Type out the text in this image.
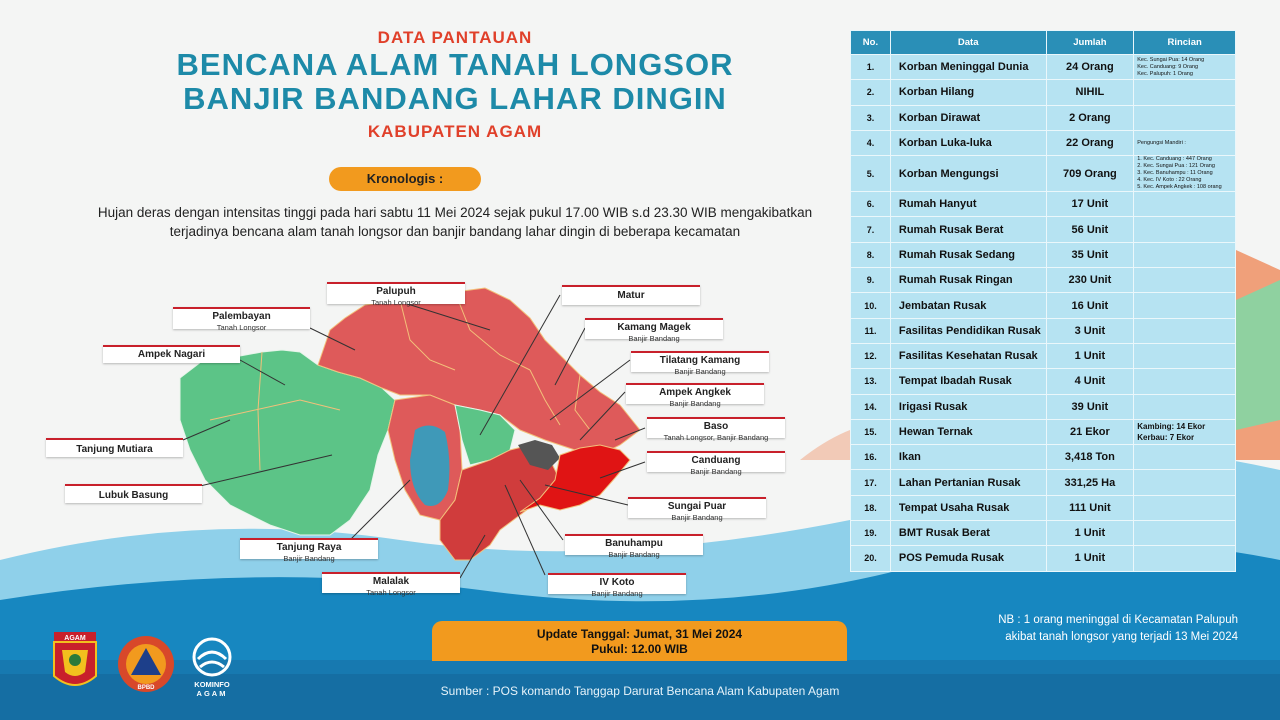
DATA PANTAUAN
BENCANA ALAM TANAH LONGSOR
BANJIR BANDANG LAHAR DINGIN
KABUPATEN AGAM
Kronologis :
Hujan deras dengan intensitas tinggi pada hari sabtu 11 Mei 2024 sejak pukul 17.00 WIB s.d 23.30 WIB mengakibatkan terjadinya bencana alam tanah longsor dan banjir bandang lahar dingin di beberapa kecamatan
Palupuh
Tanah Longsor
Palembayan
Tanah Longsor
Ampek Nagari
Tanjung Mutiara
Lubuk Basung
Tanjung Raya
Banjir Bandang
Malalak
Tanah Longsor
IV Koto
Banjir Bandang
Banuhampu
Banjir Bandang
Sungai Puar
Banjir Bandang
Canduang
Banjir Bandang
Baso
Tanah Longsor, Banjir Bandang
Ampek Angkek
Banjir Bandang
Tilatang Kamang
Banjir Bandang
Kamang Magek
Banjir Bandang
Matur
No.	Data	Jumlah	Rincian
1.	Korban Meninggal Dunia	24 Orang	Kec. Sungai Pua: 14 Orang
Kec. Canduang: 9 Orang
Kec. Palupuh: 1 Orang

2.	Korban Hilang	NIHIL	
3.	Korban Dirawat	2 Orang	
4.	Korban Luka-luka	22 Orang	Pengungsi Mandiri :

5.	Korban Mengungsi	709 Orang	1. Kec. Canduang : 447 Orang
2. Kec. Sungai Pua : 121 Orang
3. Kec. Banuhampu : 11 Orang
4. Kec. IV Koto : 22 Orang
5. Kec. Ampek Angkek : 108 orang

6.	Rumah Hanyut	17 Unit	
7.	Rumah Rusak Berat	56 Unit	
8.	Rumah Rusak Sedang	35 Unit	
9.	Rumah Rusak Ringan	230 Unit	
10.	Jembatan Rusak	16 Unit	
11.	Fasilitas Pendidikan Rusak	3 Unit	
12.	Fasilitas Kesehatan Rusak	1 Unit	
13.	Tempat Ibadah Rusak	4 Unit	
14.	Irigasi Rusak	39 Unit	
15.	Hewan Ternak	21 Ekor	Kambing: 14 Ekor
Kerbau: 7 Ekor

16.	Ikan	3,418 Ton	
17.	Lahan Pertanian Rusak	331,25 Ha	
18.	Tempat Usaha Rusak	111 Unit	
19.	BMT Rusak Berat	1 Unit	
20.	POS Pemuda Rusak	1 Unit	
NB : 1 orang meninggal di Kecamatan Palupuh
akibat tanah longsor yang terjadi 13 Mei 2024
Update Tanggal: Jumat, 31 Mei 2024
Pukul: 12.00 WIB
AGAM
BPBD	KOMINFO
AGAM	Sumber : POS komando Tanggap Darurat Bencana Alam Kabupaten Agam
